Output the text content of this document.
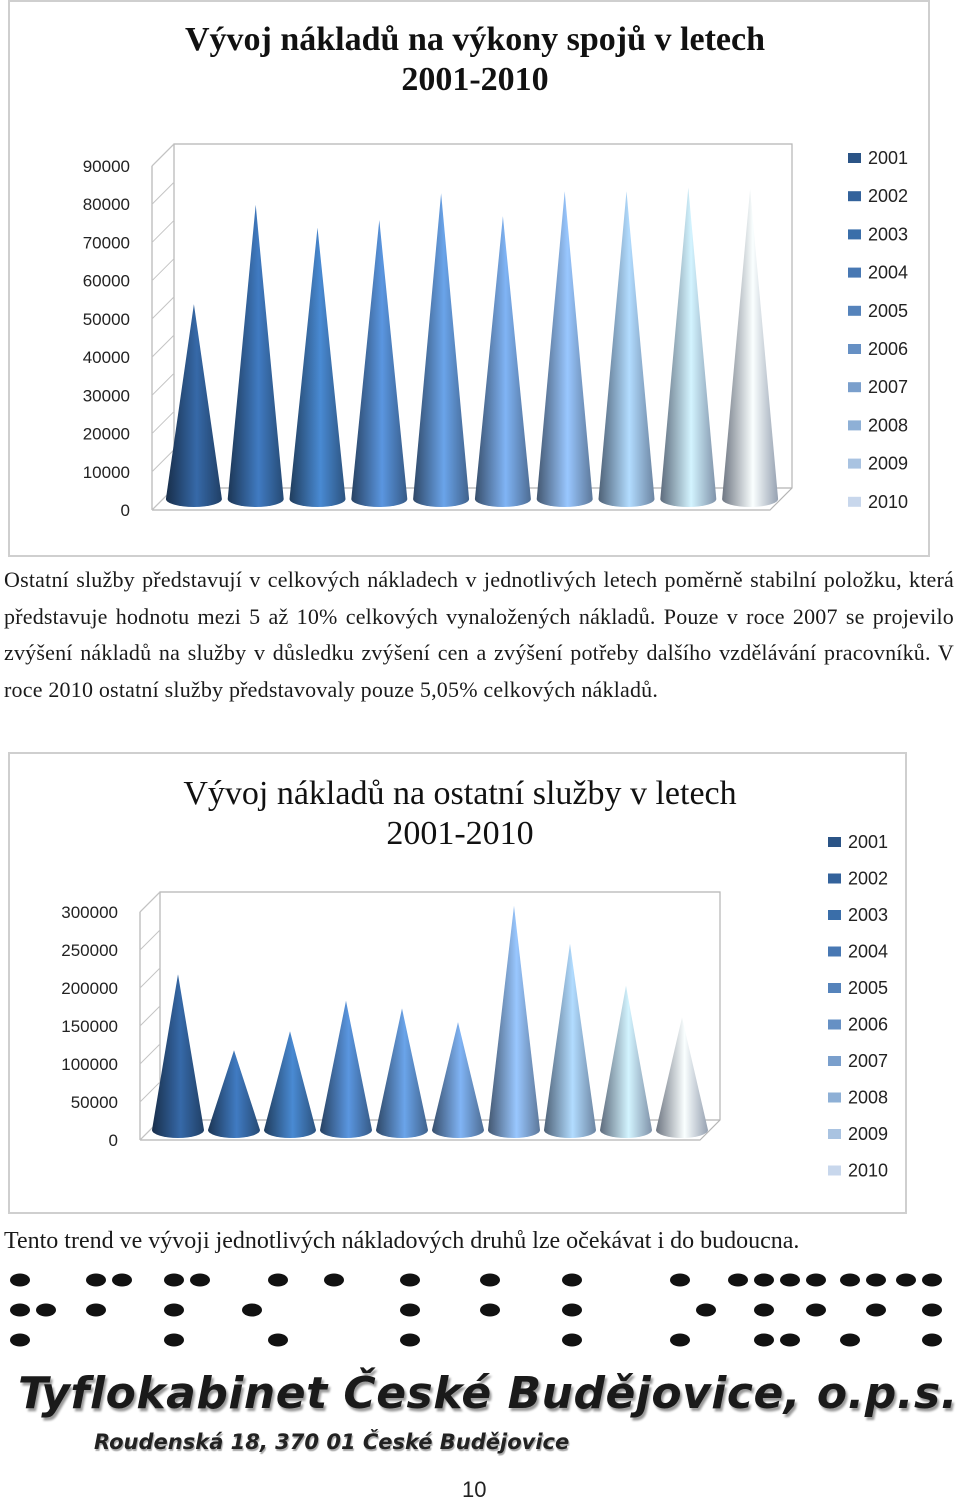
Vývoj nákladů na výkony spojů v letech
2001-2010
90000
80000
70000
60000
50000
40000
30000
20000
10000
0
2001
2002
2003
2004
2005
2006
2007
2008
2009
2010
Ostatní služby představují v celkových nákladech v jednotlivých letech poměrně stabilní položku, která představuje hodnotu mezi 5 až 10% celkových vynaložených nákladů. Pouze v roce 2007 se projevilo zvýšení nákladů na služby v důsledku zvýšení cen a zvýšení potřeby dalšího vzdělávání pracovníků. V roce 2010 ostatní služby představovaly pouze 5,05% celkových nákladů.
Vývoj nákladů na ostatní služby v letech
2001-2010
300000
250000
200000
150000
100000
50000
0
2001
2002
2003
2004
2005
2006
2007
2008
2009
2010
Tento trend ve vývoji jednotlivých nákladových druhů lze očekávat i do budoucna.
Tyflokabinet České Budějovice, o.p.s.
Roudenská 18, 370 01 České Budějovice
10
